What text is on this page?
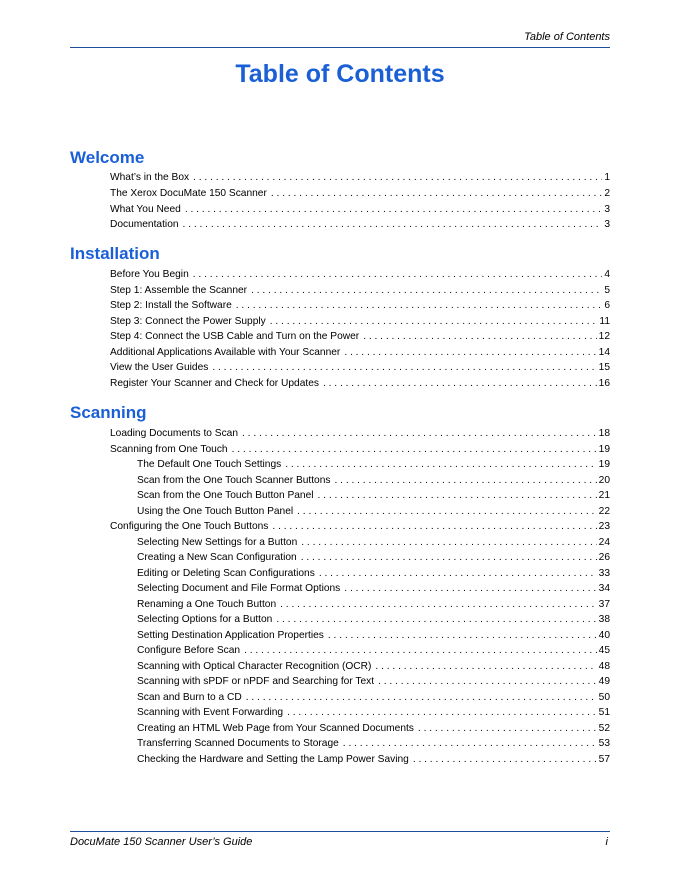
Table of Contents
Table of Contents
Welcome
What’s in the Box . . .	1
The Xerox DocuMate 150 Scanner . . .	2
What You Need . . .	3
Documentation . . .	3
Installation
Before You Begin . . .	4
Step 1: Assemble the Scanner . . .	5
Step 2: Install the Software . . .	6
Step 3: Connect the Power Supply . . .	11
Step 4: Connect the USB Cable and Turn on the Power . . .	12
Additional Applications Available with Your Scanner . . .	14
View the User Guides . . .	15
Register Your Scanner and Check for Updates . . .	16
Scanning
Loading Documents to Scan . . .	18
Scanning from One Touch . . .	19
The Default One Touch Settings . . .	19
Scan from the One Touch Scanner Buttons . . .	20
Scan from the One Touch Button Panel . . .	21
Using the One Touch Button Panel . . .	22
Configuring the One Touch Buttons . . .	23
Selecting New Settings for a Button . . .	24
Creating a New Scan Configuration . . .	26
Editing or Deleting Scan Configurations . . .	33
Selecting Document and File Format Options . . .	34
Renaming a One Touch Button . . .	37
Selecting Options for a Button . . .	38
Setting Destination Application Properties . . .	40
Configure Before Scan . . .	45
Scanning with Optical Character Recognition (OCR) . . .	48
Scanning with sPDF or nPDF and Searching for Text . . .	49
Scan and Burn to a CD . . .	50
Scanning with Event Forwarding . . .	51
Creating an HTML Web Page from Your Scanned Documents . . .	52
Transferring Scanned Documents to Storage . . .	53
Checking the Hardware and Setting the Lamp Power Saving . . .	57
DocuMate 150 Scanner User’s Guide	i
